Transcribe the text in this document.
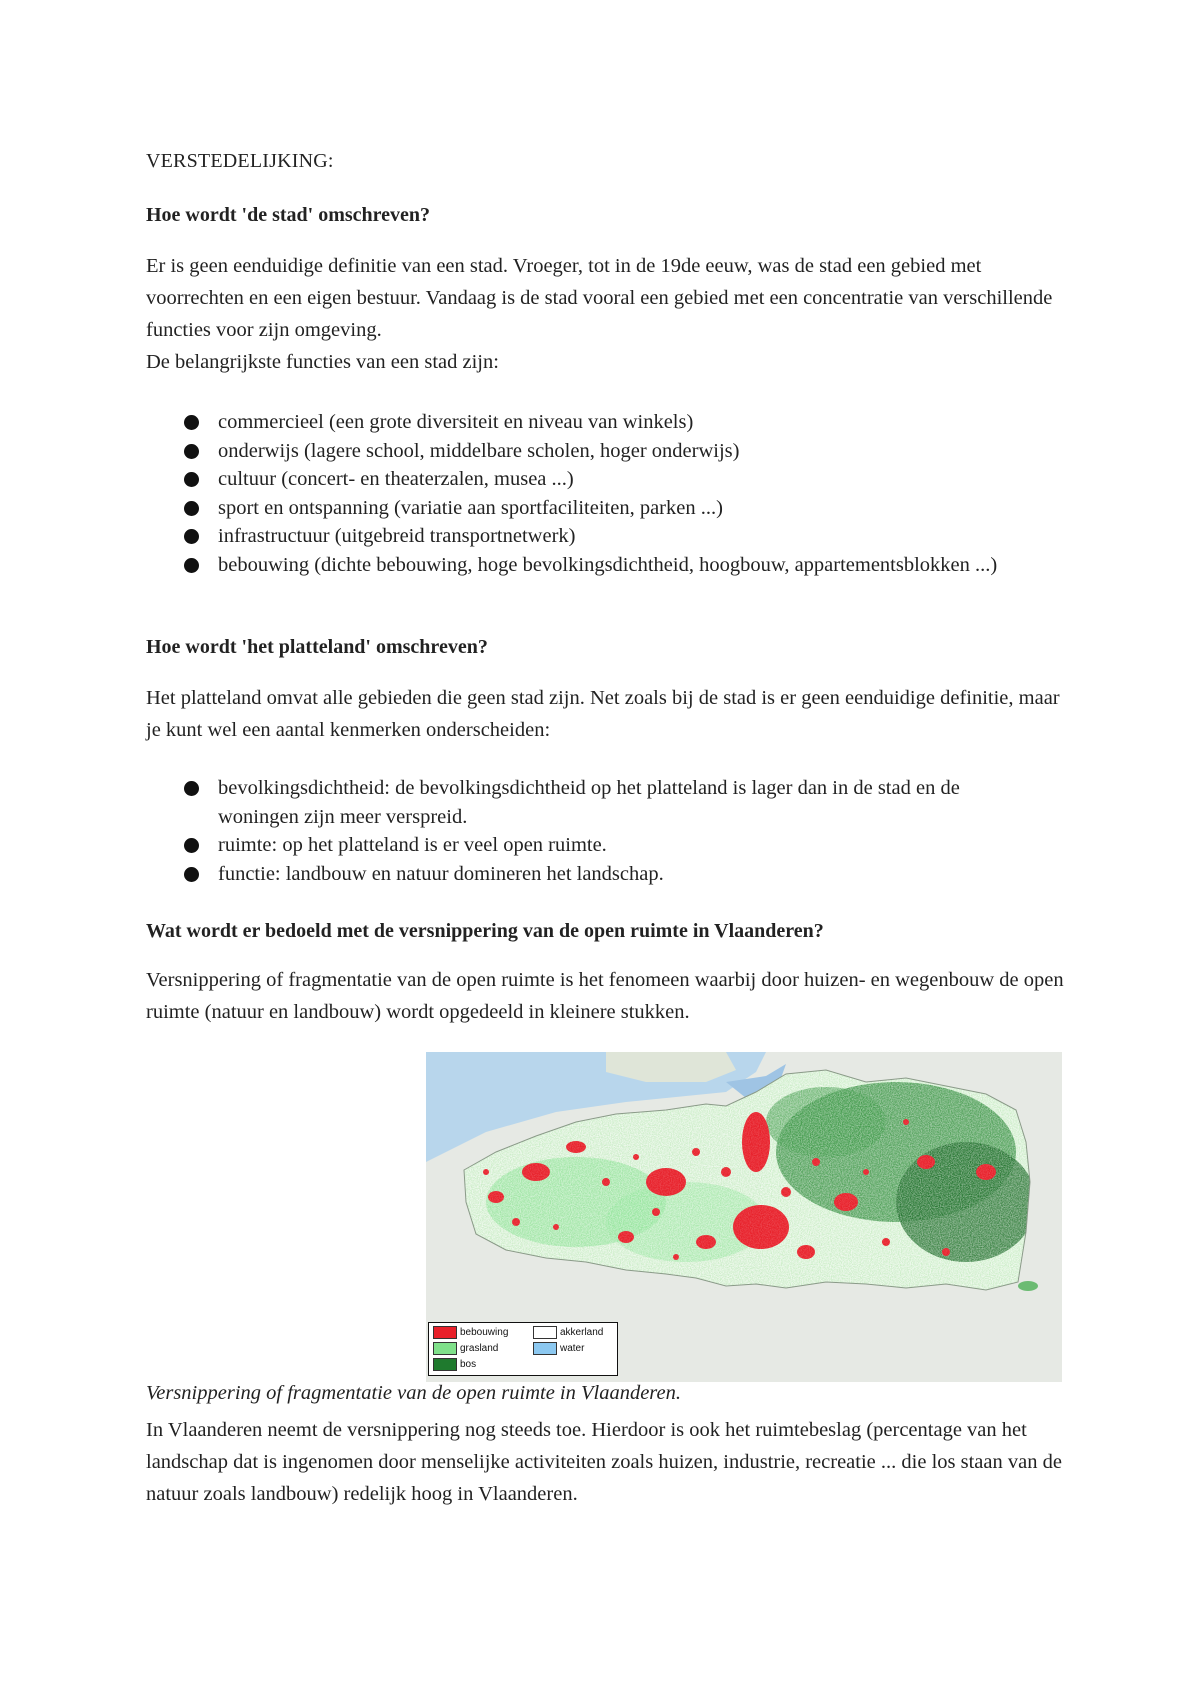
VERSTEDELIJKING:
Hoe wordt 'de stad' omschreven?

Er is geen eenduidige definitie van een stad. Vroeger, tot in de 19de eeuw, was de stad een gebied met voorrechten en een eigen bestuur. Vandaag is de stad vooral een gebied met een concentratie van verschillende functies voor zijn omgeving.

De belangrijkste functies van een stad zijn:

commercieel (een grote diversiteit en niveau van winkels)
onderwijs (lagere school, middelbare scholen, hoger onderwijs)
cultuur (concert- en theaterzalen, musea ...)
sport en ontspanning (variatie aan sportfaciliteiten, parken ...)
infrastructuur (uitgebreid transportnetwerk)
bebouwing (dichte bebouwing, hoge bevolkingsdichtheid, hoogbouw, appartementsblokken ...)
Hoe wordt 'het platteland' omschreven?

Het platteland omvat alle gebieden die geen stad zijn. Net zoals bij de stad is er geen eenduidige definitie, maar je kunt wel een aantal kenmerken onderscheiden:

bevolkingsdichtheid: de bevolkingsdichtheid op het platteland is lager dan in de stad en de woningen zijn meer verspreid.
ruimte: op het platteland is er veel open ruimte.
functie: landbouw en natuur domineren het landschap.
Wat wordt er bedoeld met de versnippering van de open ruimte in Vlaanderen?

Versnippering of fragmentatie van de open ruimte is het fenomeen waarbij door huizen- en wegenbouw de open ruimte (natuur en landbouw) wordt opgedeeld in kleinere stukken.

Versnippering of fragmentatie van de open ruimte in Vlaanderen.

In Vlaanderen neemt de versnippering nog steeds toe. Hierdoor is ook het ruimtebeslag (percentage van het landschap dat is ingenomen door menselijke activiteiten zoals huizen, industrie, recreatie ... die los staan van de natuur zoals landbouw) redelijk hoog in Vlaanderen.

bebouwing	akkerland
grasland	water
bos
